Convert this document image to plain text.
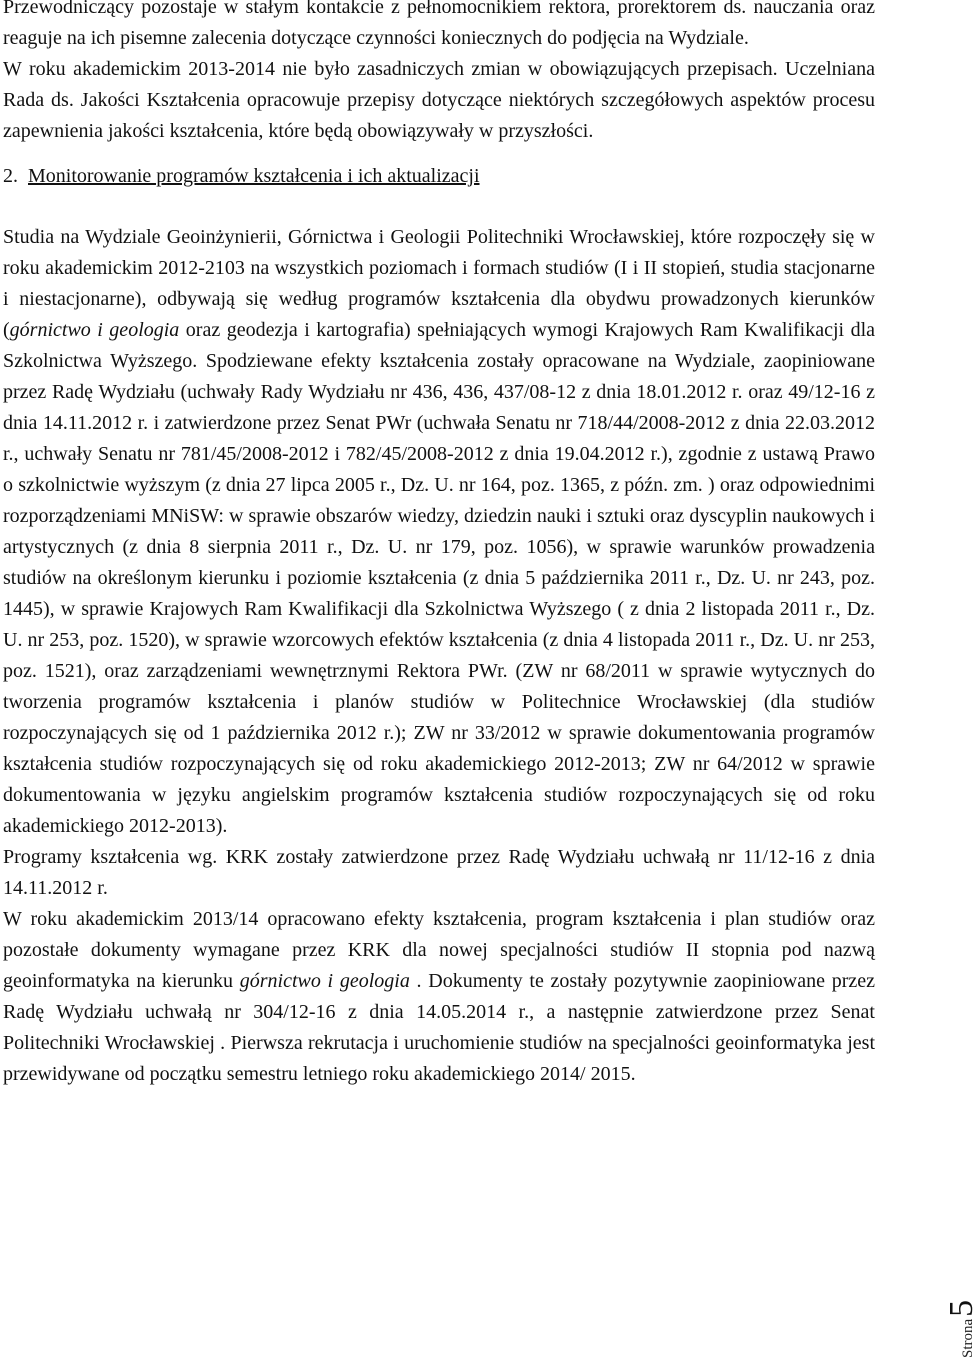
Przewodniczący pozostaje w stałym kontakcie z pełnomocnikiem rektora, prorektorem ds. nauczania oraz reaguje na ich pisemne zalecenia dotyczące czynności koniecznych do podjęcia na Wydziale.

W roku akademickim 2013-2014 nie było zasadniczych zmian w obowiązujących przepisach. Uczelniana Rada ds. Jakości Kształcenia opracowuje przepisy dotyczące niektórych szczegółowych aspektów procesu zapewnienia jakości kształcenia, które będą obowiązywały w przyszłości.

2. Monitorowanie programów kształcenia i ich aktualizacji

Studia na Wydziale Geoinżynierii, Górnictwa i Geologii Politechniki Wrocławskiej, które rozpoczęły się w roku akademickim 2012-2103 na wszystkich poziomach i formach studiów (I i II stopień, studia stacjonarne i niestacjonarne), odbywają się według programów kształcenia dla obydwu prowadzonych kierunków (górnictwo i geologia oraz geodezja i kartografia) spełniających wymogi Krajowych Ram Kwalifikacji dla Szkolnictwa Wyższego. Spodziewane efekty kształcenia zostały opracowane na Wydziale, zaopiniowane przez Radę Wydziału (uchwały Rady Wydziału nr 436, 436, 437/08-12 z dnia 18.01.2012 r. oraz 49/12-16 z dnia 14.11.2012 r. i zatwierdzone przez Senat PWr (uchwała Senatu nr 718/44/2008-2012 z dnia 22.03.2012 r., uchwały Senatu nr 781/45/2008-2012 i 782/45/2008-2012 z dnia 19.04.2012 r.), zgodnie z ustawą Prawo o szkolnictwie wyższym (z dnia 27 lipca 2005 r., Dz. U. nr 164, poz. 1365, z późn. zm. ) oraz odpowiednimi rozporządzeniami MNiSW: w sprawie obszarów wiedzy, dziedzin nauki i sztuki oraz dyscyplin naukowych i artystycznych (z dnia 8 sierpnia 2011 r., Dz. U. nr 179, poz. 1056), w sprawie warunków prowadzenia studiów na określonym kierunku i poziomie kształcenia (z dnia 5 października 2011 r., Dz. U. nr 243, poz. 1445), w sprawie Krajowych Ram Kwalifikacji dla Szkolnictwa Wyższego ( z dnia 2 listopada 2011 r., Dz. U. nr 253, poz. 1520), w sprawie wzorcowych efektów kształcenia (z dnia 4 listopada 2011 r., Dz. U. nr 253, poz. 1521), oraz zarządzeniami wewnętrznymi Rektora PWr. (ZW nr 68/2011 w sprawie wytycznych do tworzenia programów kształcenia i planów studiów w Politechnice Wrocławskiej (dla studiów rozpoczynających się od 1 października 2012 r.); ZW nr 33/2012 w sprawie dokumentowania programów kształcenia studiów rozpoczynających się od roku akademickiego 2012-2013; ZW nr 64/2012 w sprawie dokumentowania w języku angielskim programów kształcenia studiów rozpoczynających się od roku akademickiego 2012-2013).

Programy kształcenia wg. KRK zostały zatwierdzone przez Radę Wydziału uchwałą nr 11/12-16 z dnia 14.11.2012 r.

W roku akademickim 2013/14 opracowano efekty kształcenia, program kształcenia i plan studiów oraz pozostałe dokumenty wymagane przez KRK dla nowej specjalności studiów II stopnia pod nazwą geoinformatyka na kierunku górnictwo i geologia . Dokumenty te zostały pozytywnie zaopiniowane przez Radę Wydziału uchwałą nr 304/12-16 z dnia 14.05.2014 r., a następnie zatwierdzone przez Senat Politechniki Wrocławskiej . Pierwsza rekrutacja i uruchomienie studiów na specjalności geoinformatyka jest przewidywane od początku semestru letniego roku akademickiego 2014/ 2015.

Strona
5
